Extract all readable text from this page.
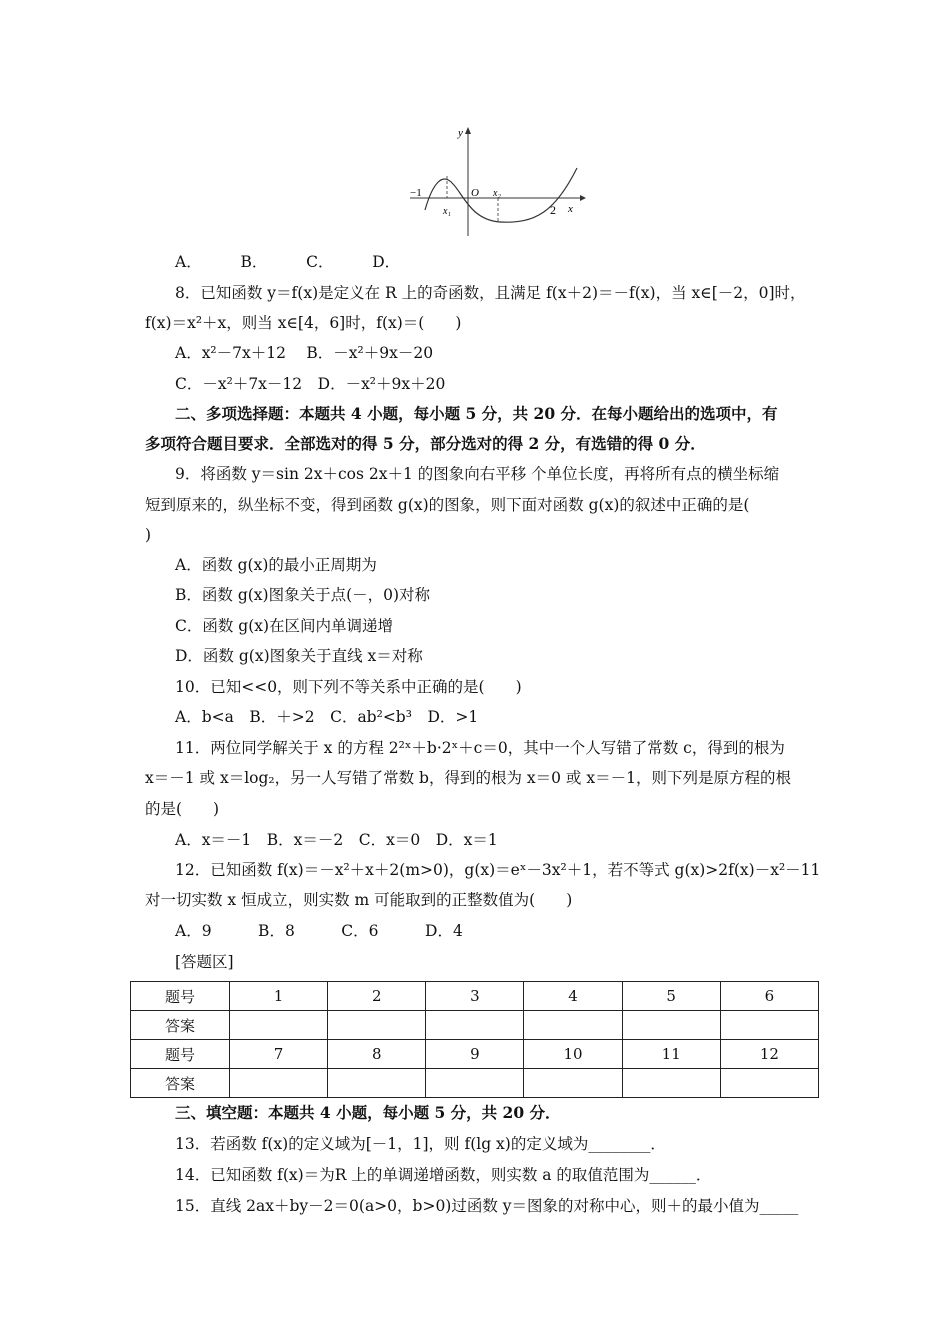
y
x
O
−1
2
x₁
x₂
A．　　　B．　　　C．　　　D．
8．已知函数 y＝f(x)是定义在 R 上的奇函数，且满足 f(x＋2)＝－f(x)，当 x∈[－2，0]时，
f(x)＝x²＋x，则当 x∈[4，6]时，f(x)＝(　　)
A．x²－7x＋12　 B．－x²＋9x－20
C．－x²＋7x－12　D．－x²＋9x＋20
二、多项选择题：本题共 4 小题，每小题 5 分，共 20 分．在每小题给出的选项中，有
多项符合题目要求．全部选对的得 5 分，部分选对的得 2 分，有选错的得 0 分．
9．将函数 y＝sin 2x＋cos 2x＋1 的图象向右平移 个单位长度，再将所有点的横坐标缩
短到原来的，纵坐标不变，得到函数 g(x)的图象，则下面对函数 g(x)的叙述中正确的是(
)
A．函数 g(x)的最小正周期为
B．函数 g(x)图象关于点(－，0)对称
C．函数 g(x)在区间内单调递增
D．函数 g(x)图象关于直线 x＝对称
10．已知<<0，则下列不等关系中正确的是(　　)
A．b<a　B．＋>2　C．ab²<b³　D．>1
11．两位同学解关于 x 的方程 2²ˣ＋b·2ˣ＋c＝0，其中一个人写错了常数 c，得到的根为
x＝－1 或 x＝log₂，另一人写错了常数 b，得到的根为 x＝0 或 x＝－1，则下列是原方程的根
的是(　　)
A．x＝－1　B．x＝－2　C．x＝0　D．x＝1
12．已知函数 f(x)＝－x²＋x＋2(m>0)，g(x)＝eˣ－3x²＋1，若不等式 g(x)>2f(x)－x²－11
对一切实数 x 恒成立，则实数 m 可能取到的正整数值为(　　)
A．9　　　B．8　　　C．6　　　D．4
[答题区]
题号	1	2	3	4	5	6
答案						
题号	7	8	9	10	11	12
答案						
三、填空题：本题共 4 小题，每小题 5 分，共 20 分．
13．若函数 f(x)的定义域为[－1，1]，则 f(lg x)的定义域为________．
14．已知函数 f(x)＝为R 上的单调递增函数，则实数 a 的取值范围为______．
15．直线 2ax＋by－2＝0(a>0，b>0)过函数 y＝图象的对称中心，则＋的最小值为_____
